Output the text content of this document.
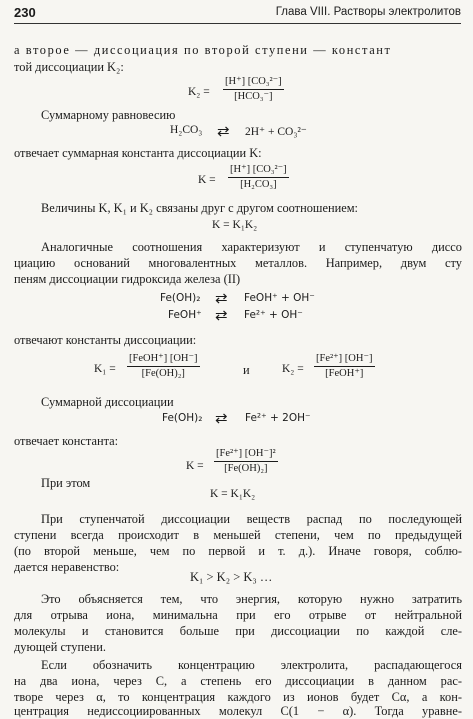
230	Глава VIII. Растворы электролитов
а второе — диссоциация по второй ступени — констант
той диссоциации K₂:
K₂ =
[H⁺] [CO₃²⁻]
[HCO₃⁻]
Суммарному равновесию
H₂CO₃ ⇄ 2H⁺ + CO₃²⁻
отвечает суммарная константа диссоциации K:
$K = \frac{\text{[H⁺] [CO₃²⁻]}}{\text{[H₂CO₃]}}$
Величины K, K₁ и K₂ связаны друг с другом соотношением:
K = K₁K₂
Аналогичные соотношения характеризуют и ступенчатую диссо
циацию оснований многовалентных металлов. Например, двум сту
пеням диссоциации гидроксида железа (II)
Fe(OH)₂ ⇄ FeOH⁺ + OH⁻
FeOH⁺ ⇄ Fe²⁺ + OH⁻
отвечают константы диссоциации:
K₁ =
[FeOH⁺] [OH⁻]
[Fe(OH)₂]	и	K₂ =
[Fe²⁺] [OH⁻]
[FeOH⁺]
Суммарной диссоциации
Fe(OH)₂ ⇄ Fe²⁺ + 2OH⁻
отвечает константа:
$K = \frac{\text{[Fe²⁺] [OH⁻]²}}{\text{[Fe(OH)₂]}}$
При этом
K = K₁K₂
При ступенчатой диссоциации веществ распад по последующей
ступени всегда происходит в меньшей степени, чем по предыдущей
(по второй меньше, чем по первой и т. д.). Иначе говоря, соблю-
дается неравенство:
K₁ > K₂ > K₃ …
Это объясняется тем, что энергия, которую нужно затратить
для отрыва иона, минимальна при его отрыве от нейтральной
молекулы и становится больше при диссоциации по каждой сле-
дующей ступени.
Если обозначить концентрацию электролита, распадающегося
на два иона, через C, а степень его диссоциации в данном рас-
творе через α, то концентрация каждого из ионов будет Cα, а кон-
центрация недиссоциированных молекул C(1 − α). Тогда уравне-
